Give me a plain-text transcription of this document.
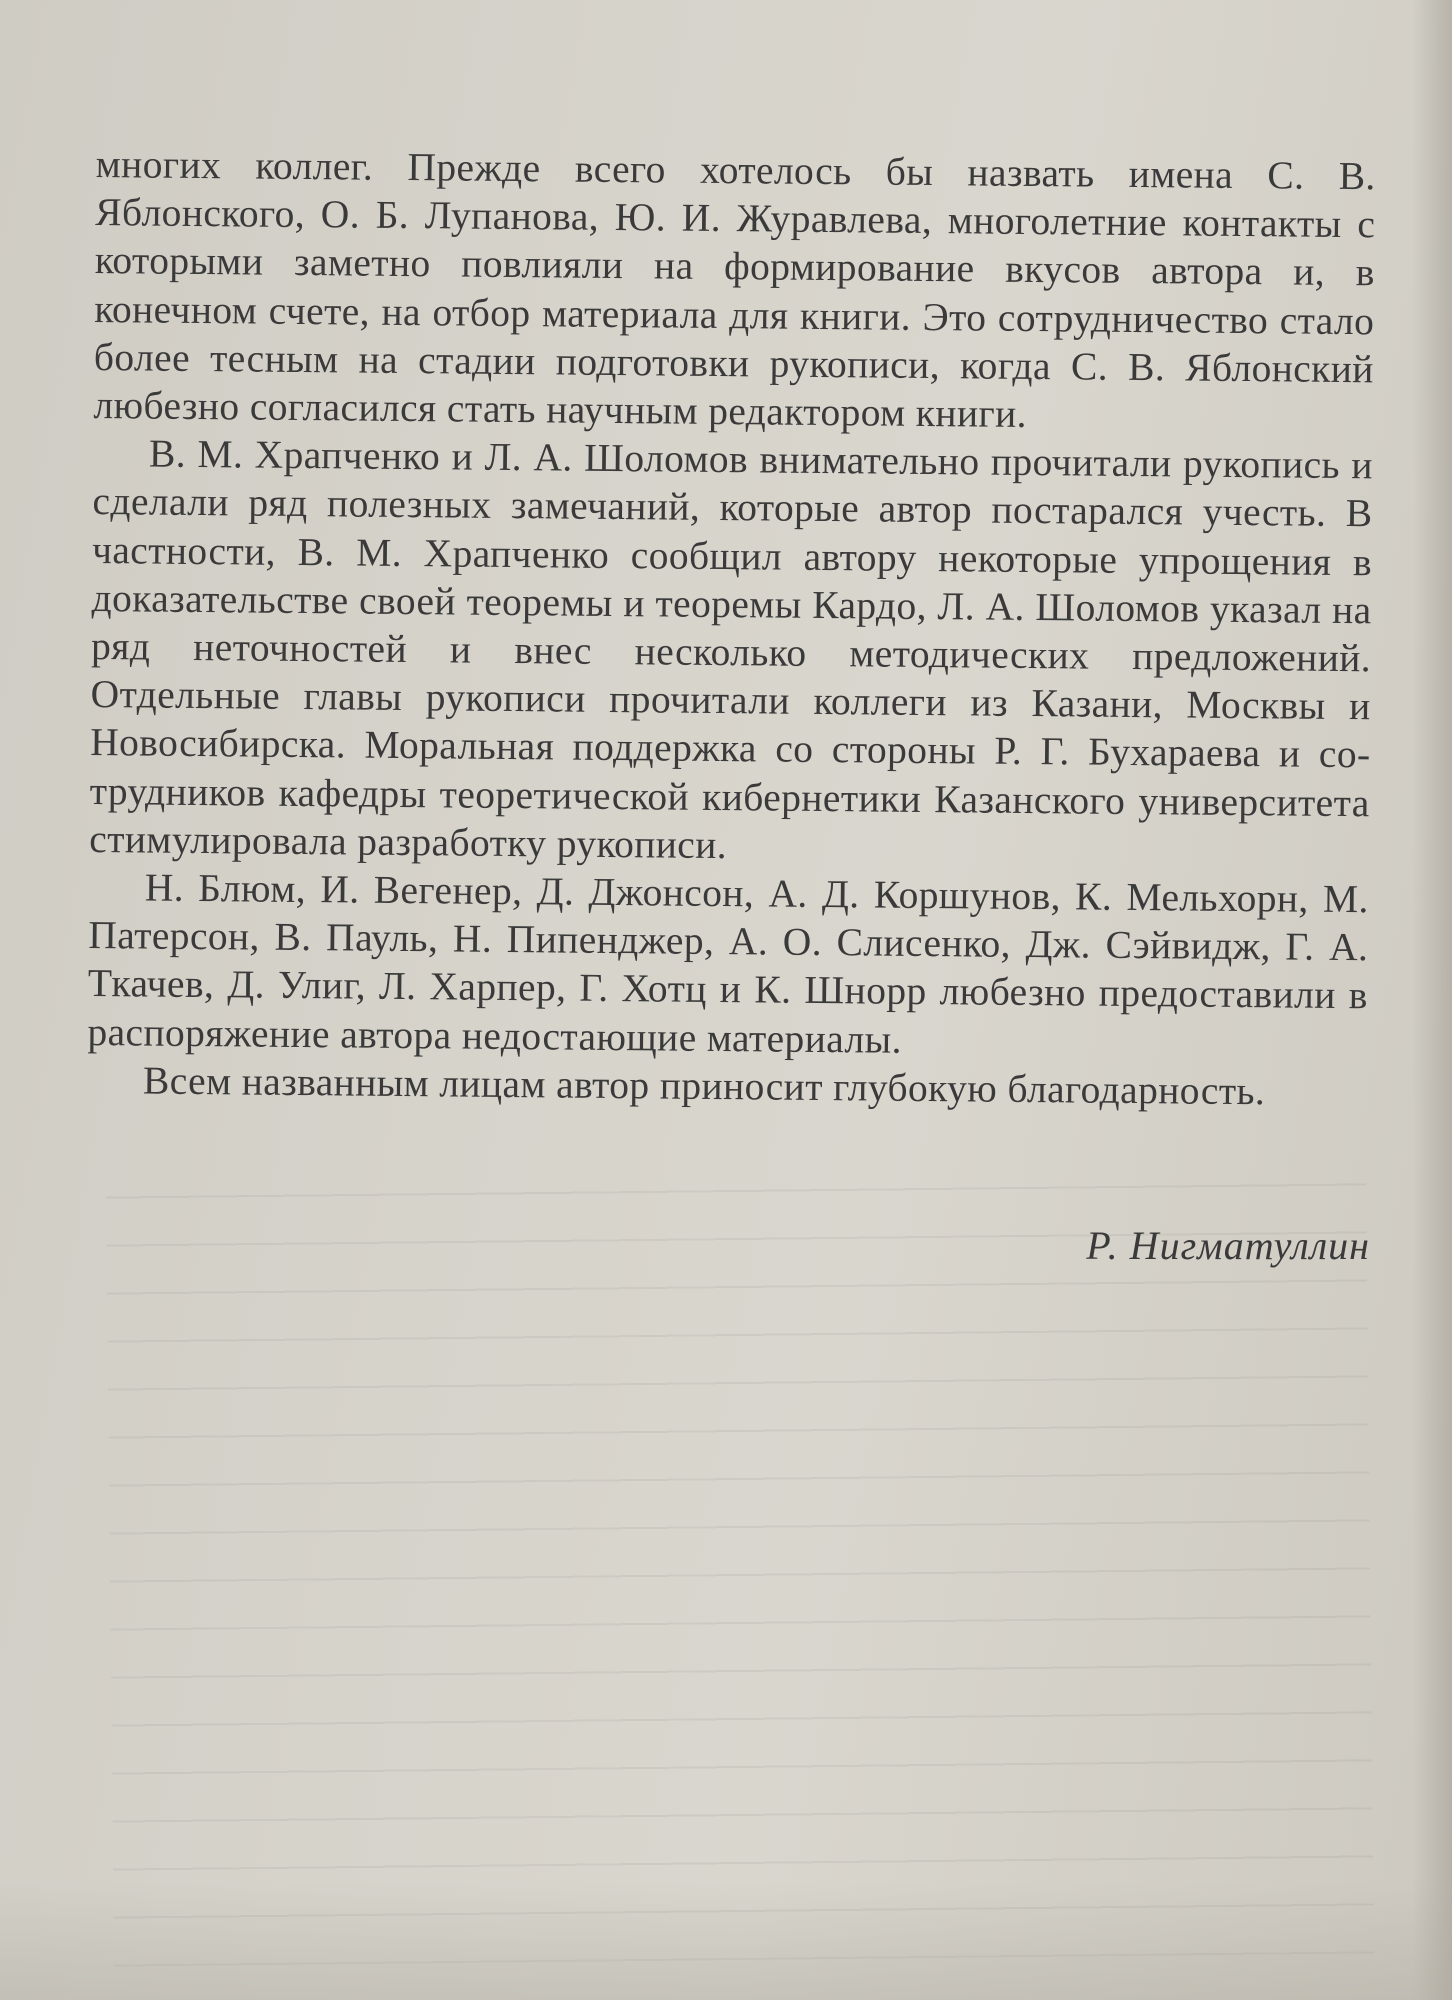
многих коллег. Прежде всего хотелось бы назвать имена С. В. Яблонского, О. Б. Лупанова, Ю. И. Журавлева, многолетние контакты с которыми заметно повлияли на формирование вкусов автора и, в конечном счете, на отбор материала для книги. Это сотрудничество стало более тесным на стадии подготовки рукописи, когда С. В. Яблонский любезно согласился стать научным редактором книги.

В. М. Храпченко и Л. А. Шоломов внимательно прочитали рукопись и сделали ряд полезных замечаний, которые автор постарался учесть. В частности, В. М. Храпченко сообщил автору некоторые упрощения в доказательстве своей теоремы и теоремы Кардо, Л. А. Шоломов указал на ряд неточностей и внес несколько методических предложений. Отдельные главы рукописи прочитали коллеги из Казани, Москвы и Новосибирска. Моральная поддержка со стороны Р. Г. Бухараева и сотрудников кафедры теоретической кибернетики Казанского университета стимулировала разработку рукописи.

Н. Блюм, И. Вегенер, Д. Джонсон, А. Д. Коршунов, К. Мельхорн, М. Патерсон, В. Пауль, Н. Пипенджер, А. О. Слисенко, Дж. Сэйвидж, Г. А. Ткачев, Д. Улиг, Л. Харпер, Г. Хотц и К. Шнорр любезно предоставили в распоряжение автора недостающие материалы.

Всем названным лицам автор приносит глубокую благодарность.

Р. Нигматуллин
